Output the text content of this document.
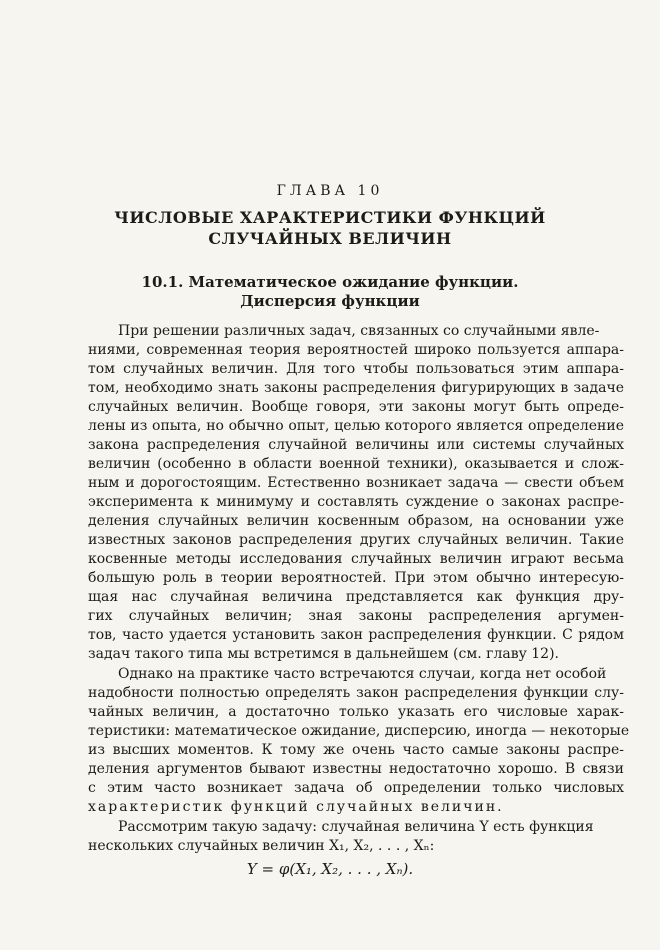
ГЛАВА 10
ЧИСЛОВЫЕ ХАРАКТЕРИСТИКИ ФУНКЦИЙ
СЛУЧАЙНЫХ ВЕЛИЧИН
10.1. Математическое ожидание функции.
Дисперсия функции
При решении различных задач, связанных со случайными явле-
ниями, современная теория вероятностей широко пользуется аппара-
том случайных величин. Для того чтобы пользоваться этим аппара-
том, необходимо знать законы распределения фигурирующих в задаче
случайных величин. Вообще говоря, эти законы могут быть опреде-
лены из опыта, но обычно опыт, целью которого является определение
закона распределения случайной величины или системы случайных
величин (особенно в области военной техники), оказывается и слож-
ным и дорогостоящим. Естественно возникает задача — свести объем
эксперимента к минимуму и составлять суждение о законах распре-
деления случайных величин косвенным образом, на основании уже
известных законов распределения других случайных величин. Такие
косвенные методы исследования случайных величин играют весьма
большую роль в теории вероятностей. При этом обычно интересую-
щая нас случайная величина представляется как функция дру-
гих случайных величин; зная законы распределения аргумен-
тов, часто удается установить закон распределения функции. С рядом
задач такого типа мы встретимся в дальнейшем (см. главу 12).
Однако на практике часто встречаются случаи, когда нет особой
надобности полностью определять закон распределения функции слу-
чайных величин, а достаточно только указать его числовые харак-
теристики: математическое ожидание, дисперсию, иногда — некоторые
из высших моментов. К тому же очень часто самые законы распре-
деления аргументов бывают известны недостаточно хорошо. В связи
с этим часто возникает задача об определении только числовых
характеристик функций случайных величин.
Рассмотрим такую задачу: случайная величина Y есть функция
нескольких случайных величин X₁, X₂, . . . , Xₙ:
Y = φ(X₁, X₂, . . . , Xₙ).
